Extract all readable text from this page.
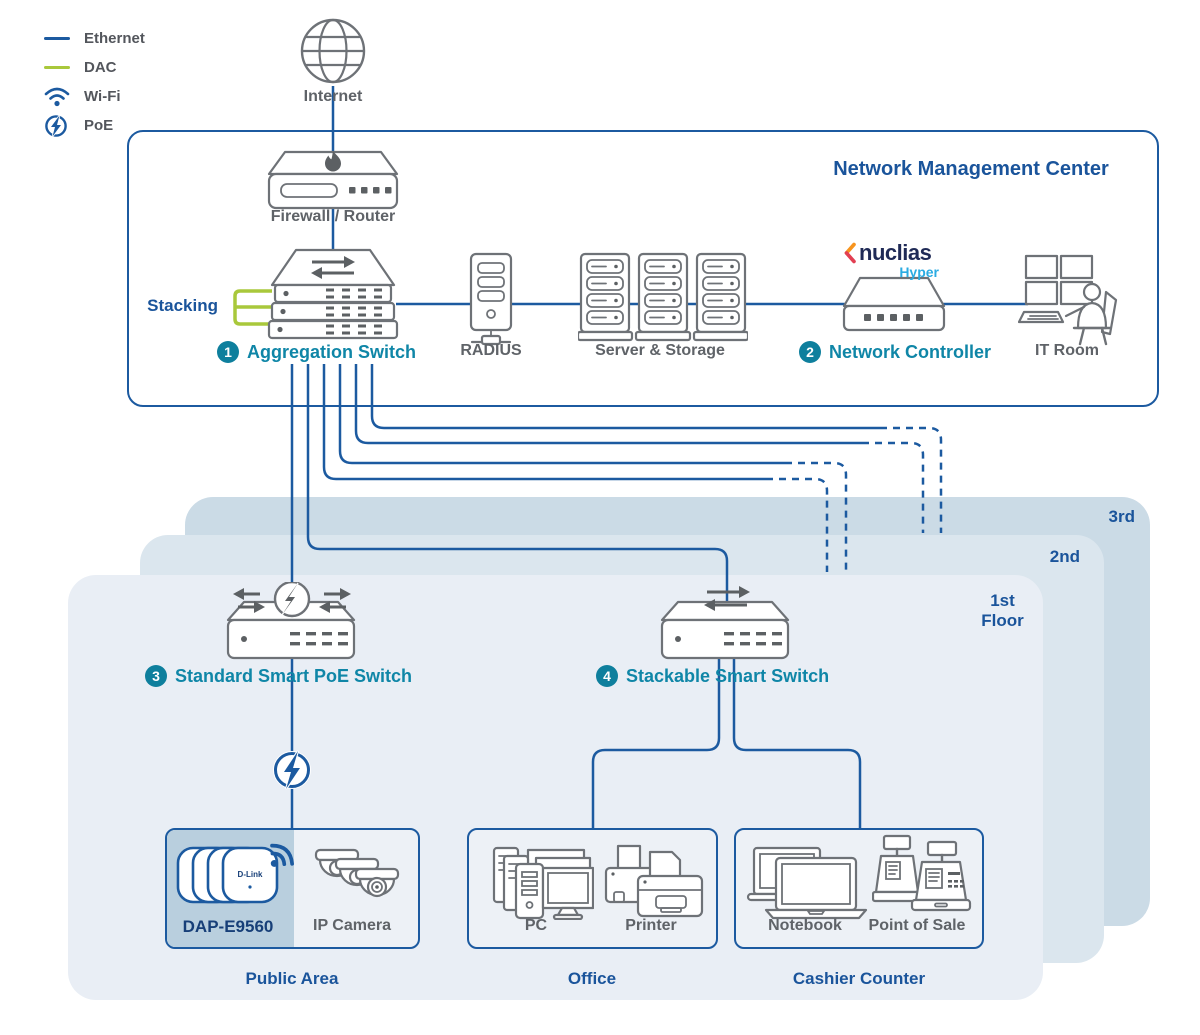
Ethernet
DAC
Wi-Fi
PoE
Internet
Network Management Center
Firewall / Router
Stacking
1 Aggregation Switch	RADIUS	Server & Storage
nuclias
Hyper
2 Network Controller	IT Room
3rd
2nd
1st
Floor
3 Standard Smart PoE Switch	4 Stackable Smart Switch
D-Link
DAP-E9560	IP Camera
Public Area
PC	Printer
Office
Notebook	Point of Sale
Cashier Counter
